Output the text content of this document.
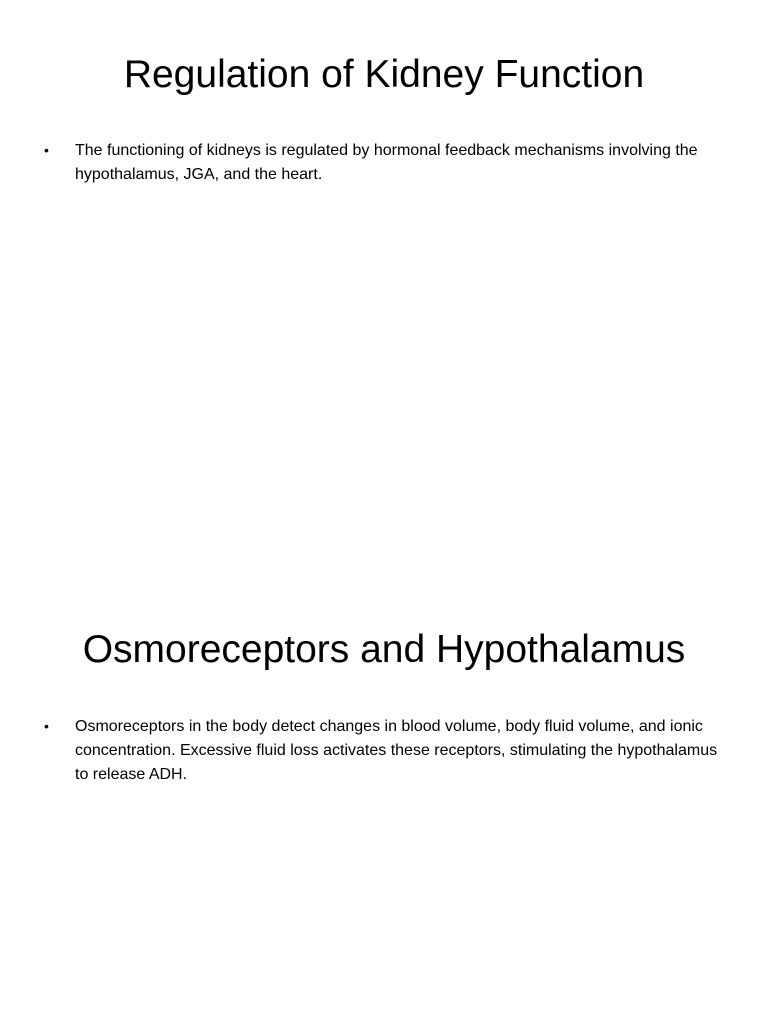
Regulation of Kidney Function
• The functioning of kidneys is regulated by hormonal feedback mechanisms involving the hypothalamus, JGA, and the heart.
Osmoreceptors and Hypothalamus
• Osmoreceptors in the body detect changes in blood volume, body fluid volume, and ionic concentration. Excessive fluid loss activates these receptors, stimulating the hypothalamus to release ADH.
